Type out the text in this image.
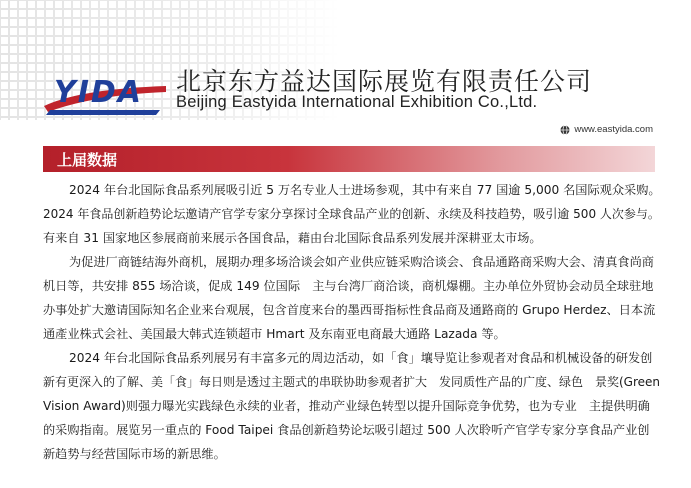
YIDA 北京东方益达国际展览有限责任公司
Beijing Eastyida International Exhibition Co.,Ltd.
www.eastyida.com
上届数据
2024 年台北国际食品系列展吸引近 5 万名专业人士进场参观，其中有来自 77 国逾 5,000 名国际观众采购。
2024 年食品创新趋势论坛邀请产官学专家分享探讨全球食品产业的创新、永续及科技趋势，吸引逾 500 人次参与。
有来自 31 国家地区参展商前来展示各国食品，藉由台北国际食品系列发展并深耕亚太市场。
为促进厂商链结海外商机，展期办理多场洽谈会如产业供应链采购洽谈会、食品通路商采购大会、清真食尚商
机日等，共安排 855 场洽谈，促成 149 位国际　主与台湾厂商洽谈，商机爆棚。主办单位外贸协会动员全球驻地
办事处扩大邀请国际知名企业来台观展，包含首度来台的墨西哥指标性食品商及通路商的 Grupo Herdez、日本流
通產业株式会社、美国最大韩式连锁超市 Hmart 及东南亚电商最大通路 Lazada 等。
2024 年台北国际食品系列展另有丰富多元的周边活动，如「食」壤导览让参观者对食品和机械设备的研发创
新有更深入的了解、美「食」每日则是透过主题式的串联协助参观者扩大　发同质性产品的广度、绿色　景奖(Green
Vision Award)则强力曝光实践绿色永续的业者，推动产业绿色转型以提升国际竞争优势，也为专业　主提供明确
的采购指南。展览另一重点的 Food Taipei 食品创新趋势论坛吸引超过 500 人次聆听产官学专家分享食品产业创
新趋势与经营国际市场的新思维。
